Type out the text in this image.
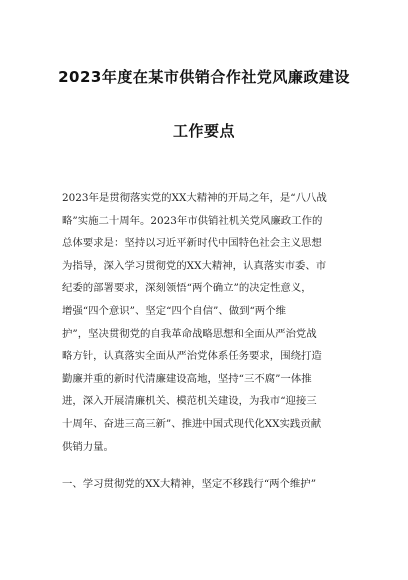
2023年度在某市供销合作社党风廉政建设
工作要点
2023年是贯彻落实党的XX大精神的开局之年，是“八八战
略”实施二十周年。2023年市供销社机关党风廉政工作的
总体要求是：坚持以习近平新时代中国特色社会主义思想
为指导，深入学习贯彻党的XX大精神，认真落实市委、市
纪委的部署要求，深刻领悟“两个确立”的决定性意义，
增强“四个意识”、坚定“四个自信”、做到“两个维
护”，坚决贯彻党的自我革命战略思想和全面从严治党战
略方针，认真落实全面从严治党体系任务要求，围绕打造
勤廉并重的新时代清廉建设高地，坚持“三不腐”一体推
进，深入开展清廉机关、模范机关建设，为我市“迎接三
十周年、奋进三高三新”、推进中国式现代化XX实践贡献
供销力量。
一、学习贯彻党的XX大精神，坚定不移践行“两个维护”
